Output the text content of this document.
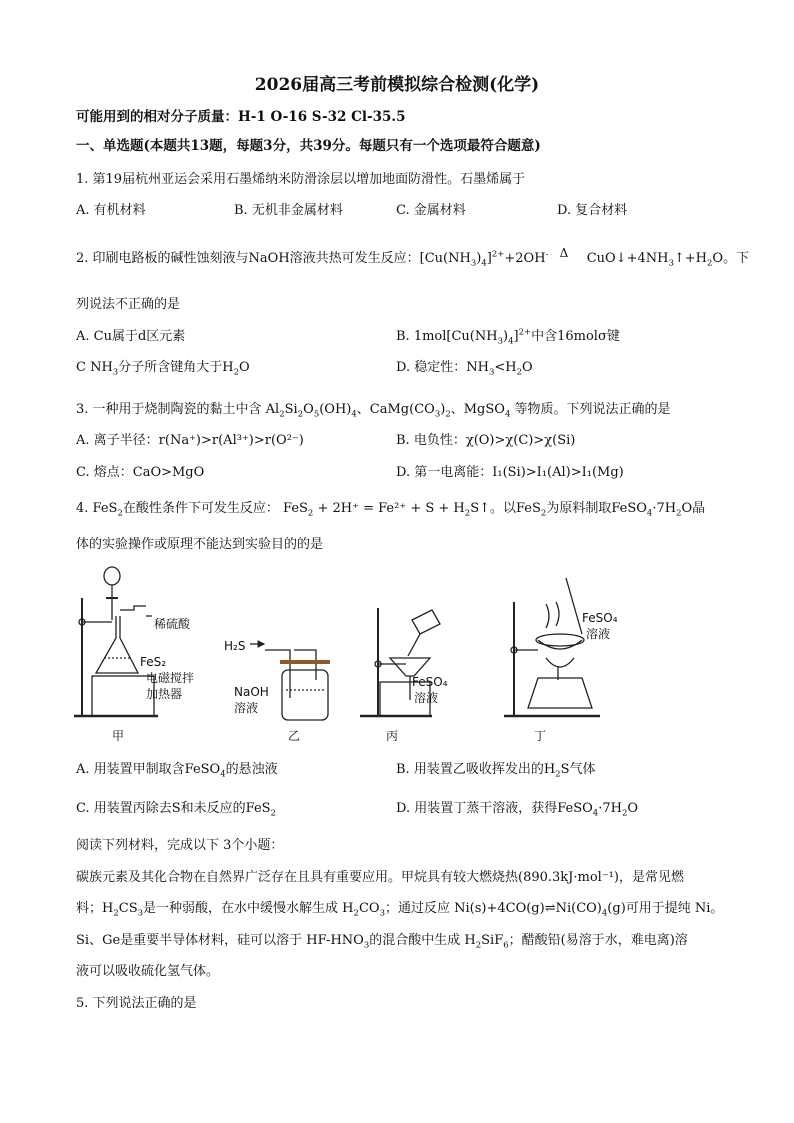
2026届高三考前模拟综合检测(化学)
可能用到的相对分子质量：H-1 O-16 S-32 Cl-35.5
一、单选题(本题共13题，每题3分，共39分。每题只有一个选项最符合题意)
1. 第19届杭州亚运会采用石墨烯纳米防滑涂层以增加地面防滑性。石墨烯属于
A. 有机材料	B. 无机非金属材料	C. 金属材料	D. 复合材料
2. 印刷电路板的碱性蚀刻液与NaOH溶液共热可发生反应：$[Cu(NH_3)_4]^{2+}+2OH^-$ Δ $CuO↓+4NH_3↑+H_2O$。下
列说法不正确的是
A. Cu属于d区元素	B. $1mol[Cu(NH_3)_4]^{2+}$中含16molσ键
C $NH_3$分子所含键角大于$H_2O$	D. 稳定性：$NH_3<H_2O$
3. 一种用于烧制陶瓷的黏土中含 $Al_2Si_2O_5(OH)_4$、$CaMg(CO_3)_2$、MgSO$_4$ 等物质。下列说法正确的是
A. 离子半径：r(Na⁺)>r(Al³⁺)>r(O²⁻)	B. 电负性：χ(O)>χ(C)>χ(Si)
C. 熔点：CaO>MgO	D. 第一电离能：I₁(Si)>I₁(Al)>I₁(Mg)
4. FeS$_2$在酸性条件下可发生反应： $FeS_2 + 2H^+ = Fe^{2+} + S + H_2S↑$。以FeS$_2$为原料制取$FeSO_4\cdot 7H_2O$晶
体的实验操作或原理不能达到实验目的的是
稀硫酸
FeS₂
电磁搅拌
加热器
甲
H₂S
NaOH
溶液
乙
FeSO₄
溶液
丙
FeSO₄
溶液
丁
A. 用装置甲制取含FeSO$_4$的悬浊液	B. 用装置乙吸收挥发出的$H_2S$气体
C. 用装置丙除去S和未反应的FeS$_2$	D. 用装置丁蒸干溶液，获得$FeSO_4\cdot 7H_2O$
阅读下列材料，完成以下 3个小题：
碳族元素及其化合物在自然界广泛存在且具有重要应用。甲烷具有较大燃烧热(890.3kJ·mol⁻¹)，是常见燃
料；$H_2CS_3$是一种弱酸，在水中缓慢水解生成 $H_2CO_3$；通过反应 $Ni(s)+4CO(g)\rightleftharpoons Ni(CO)_4(g)$可用于提纯 Ni。
Si、Ge是重要半导体材料，硅可以溶于 $HF-HNO_3$的混合酸中生成 $H_2SiF_6$；醋酸铅(易溶于水，难电离)溶
液可以吸收硫化氢气体。
5. 下列说法正确的是
